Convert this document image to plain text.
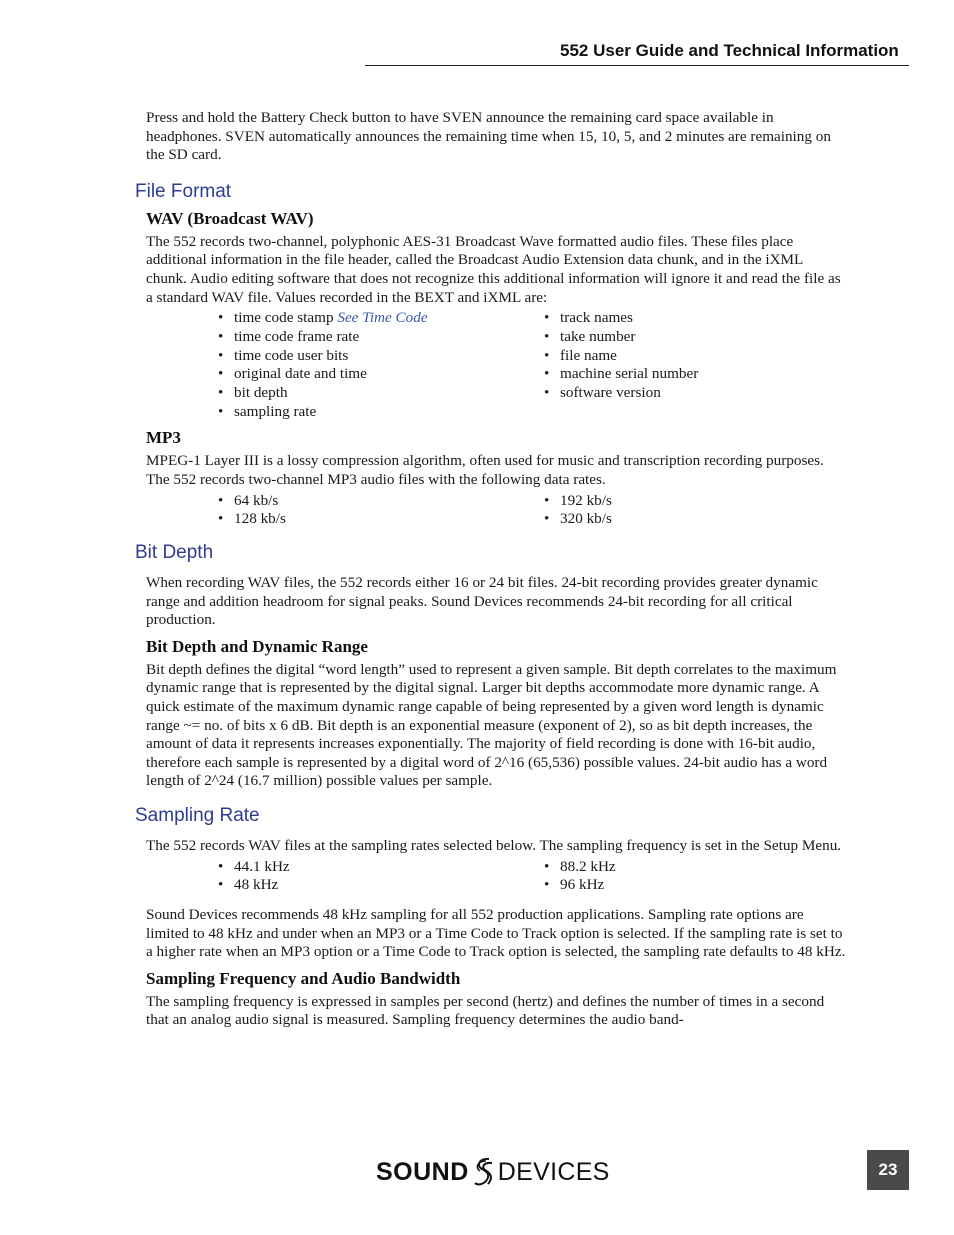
552 User Guide and Technical Information

Press and hold the Battery Check button to have SVEN announce the remaining card space available in headphones. SVEN automatically announces the remaining time when 15, 10, 5, and 2 minutes are remaining on the SD card.

File Format
WAV (Broadcast WAV)

The 552 records two-channel, polyphonic AES-31 Broadcast Wave formatted audio files. These files place additional information in the file header, called the Broadcast Audio Extension data chunk, and in the iXML chunk. Audio editing software that does not recognize this additional information will ignore it and read the file as a standard WAV file. Values recorded in the BEXT and iXML are:

• time code stamp See Time Code	• track names
• time code frame rate	• take number
• time code user bits	• file name
• original date and time	• machine serial number
• bit depth	• software version
• sampling rate
MP3

MPEG-1 Layer III is a lossy compression algorithm, often used for music and transcription recording purposes. The 552 records two-channel MP3 audio files with the following data rates.

• 64 kb/s	• 192 kb/s
• 128 kb/s	• 320 kb/s
Bit Depth

When recording WAV files, the 552 records either 16 or 24 bit files. 24-bit recording provides greater dynamic range and addition headroom for signal peaks. Sound Devices recommends 24-bit recording for all critical production.

Bit Depth and Dynamic Range

Bit depth defines the digital “word length” used to represent a given sample. Bit depth correlates to the maximum dynamic range that is represented by the digital signal. Larger bit depths accommodate more dynamic range. A quick estimate of the maximum dynamic range capable of being represented by a given word length is dynamic range ~= no. of bits x 6 dB. Bit depth is an exponential measure (exponent of 2), so as bit depth increases, the amount of data it represents increases exponentially. The majority of field recording is done with 16-bit audio, therefore each sample is represented by a digital word of 2^16 (65,536) possible values. 24-bit audio has a word length of 2^24 (16.7 million) possible values per sample.

Sampling Rate

The 552 records WAV files at the sampling rates selected below. The sampling frequency is set in the Setup Menu.

• 44.1 kHz	• 88.2 kHz
• 48 kHz	• 96 kHz

Sound Devices recommends 48 kHz sampling for all 552 production applications. Sampling rate options are limited to 48 kHz and under when an MP3 or a Time Code to Track option is selected. If the sampling rate is set to a higher rate when an MP3 option or a Time Code to Track option is selected, the sampling rate defaults to 48 kHz.

Sampling Frequency and Audio Bandwidth

The sampling frequency is expressed in samples per second (hertz) and defines the number of times in a second that an analog audio signal is measured. Sampling frequency determines the audio band-

SOUND DEVICES	23
